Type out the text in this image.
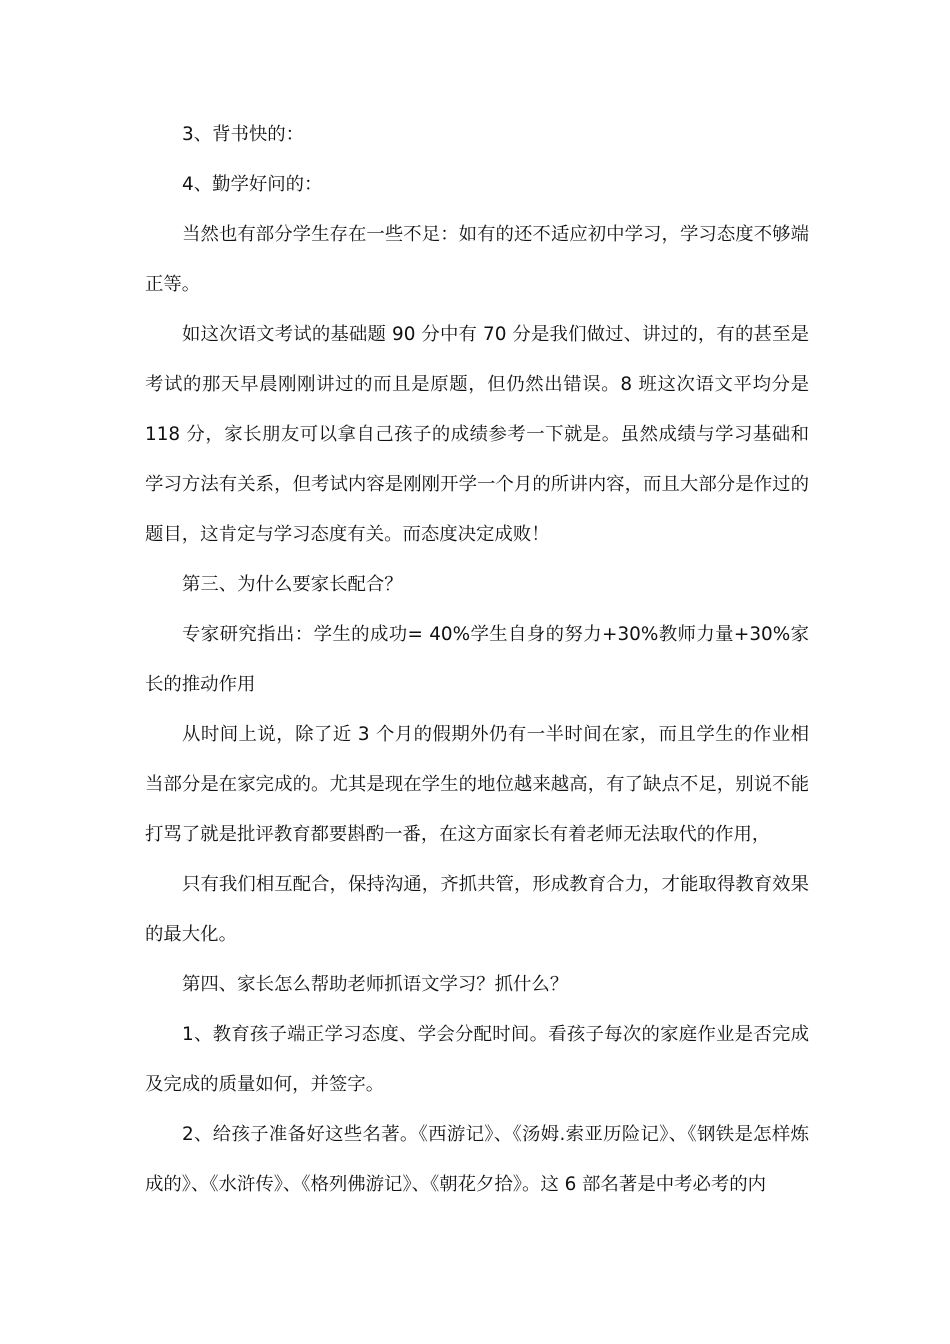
3、背书快的：

4、勤学好问的：

当然也有部分学生存在一些不足：如有的还不适应初中学习，学习态度不够端正等。

如这次语文考试的基础题 90 分中有 70 分是我们做过、讲过的，有的甚至是考试的那天早晨刚刚讲过的而且是原题，但仍然出错误。8 班这次语文平均分是 118 分，家长朋友可以拿自己孩子的成绩参考一下就是。虽然成绩与学习基础和学习方法有关系，但考试内容是刚刚开学一个月的所讲内容，而且大部分是作过的题目，这肯定与学习态度有关。而态度决定成败！

第三、为什么要家长配合？

专家研究指出：学生的成功= 40%学生自身的努力+30%教师力量+30%家长的推动作用

从时间上说，除了近 3 个月的假期外仍有一半时间在家，而且学生的作业相当部分是在家完成的。尤其是现在学生的地位越来越高，有了缺点不足，别说不能打骂了就是批评教育都要斟酌一番，在这方面家长有着老师无法取代的作用，

只有我们相互配合，保持沟通，齐抓共管，形成教育合力，才能取得教育效果的最大化。

第四、家长怎么帮助老师抓语文学习？抓什么？

1、教育孩子端正学习态度、学会分配时间。看孩子每次的家庭作业是否完成及完成的质量如何，并签字。

2、给孩子准备好这些名著。《西游记》、《汤姆.索亚历险记》、《钢铁是怎样炼成的》、《水浒传》、《格列佛游记》、《朝花夕拾》。这 6 部名著是中考必考的内
